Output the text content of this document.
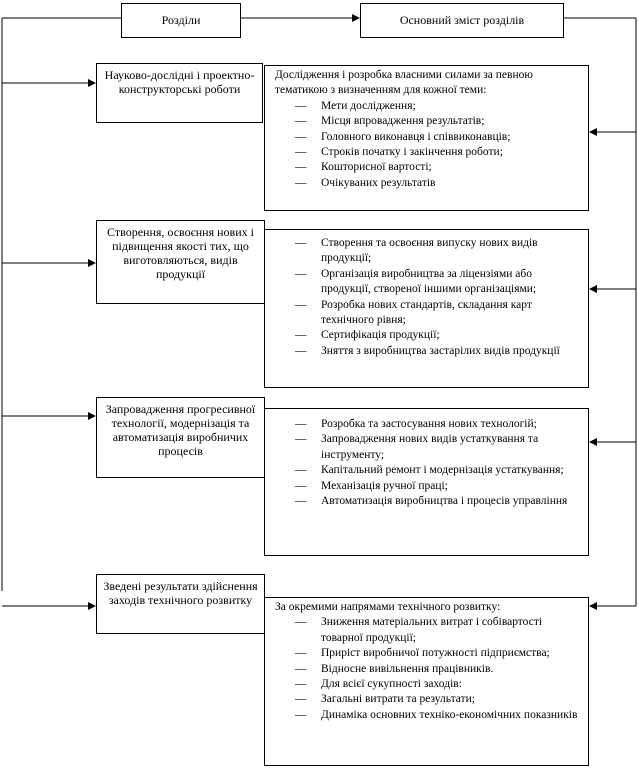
Розділи	Основний зміст розділів
Науково-дослідні і проектно-конструкторські роботи
Дослідження і розробка власними силами за певною тематикою з визначенням для кожної теми:
— Мети дослідження;
— Місця впровадження результатів;
— Головного виконавця і співвиконавців;
— Строків початку і закінчення роботи;
— Кошторисної вартості;
— Очікуваних результатів
Створення, освоєння нових і підвищення якості тих, що виготовляються, видів продукції
— Створення та освоєння випуску нових видів продукції;
— Організація виробництва за ліцензіями або продукції, створеної іншими організаціями;
— Розробка нових стандартів, складання карт технічного рівня;
— Сертифікація продукції;
— Зняття з виробництва застарілих видів продукції
Запровадження прогресивної технології, модернізація та автоматизація виробничих процесів
— Розробка та застосування нових технологій;
— Запровадження нових видів устаткування та інструменту;
— Капітальний ремонт і модернізація устаткування;
— Механізація ручної праці;
— Автоматизація виробництва і процесів управління
Зведені результати здійснення заходів технічного розвитку	За окремими напрямами технічного розвитку:
— Зниження матеріальних витрат і собівартості товарної продукції;
— Приріст виробничої потужності підприємства;
— Відносне вивільнення працівників.
— Для всієї сукупності заходів:
— Загальні витрати та результати;
— Динаміка основних техніко-економічних показників
